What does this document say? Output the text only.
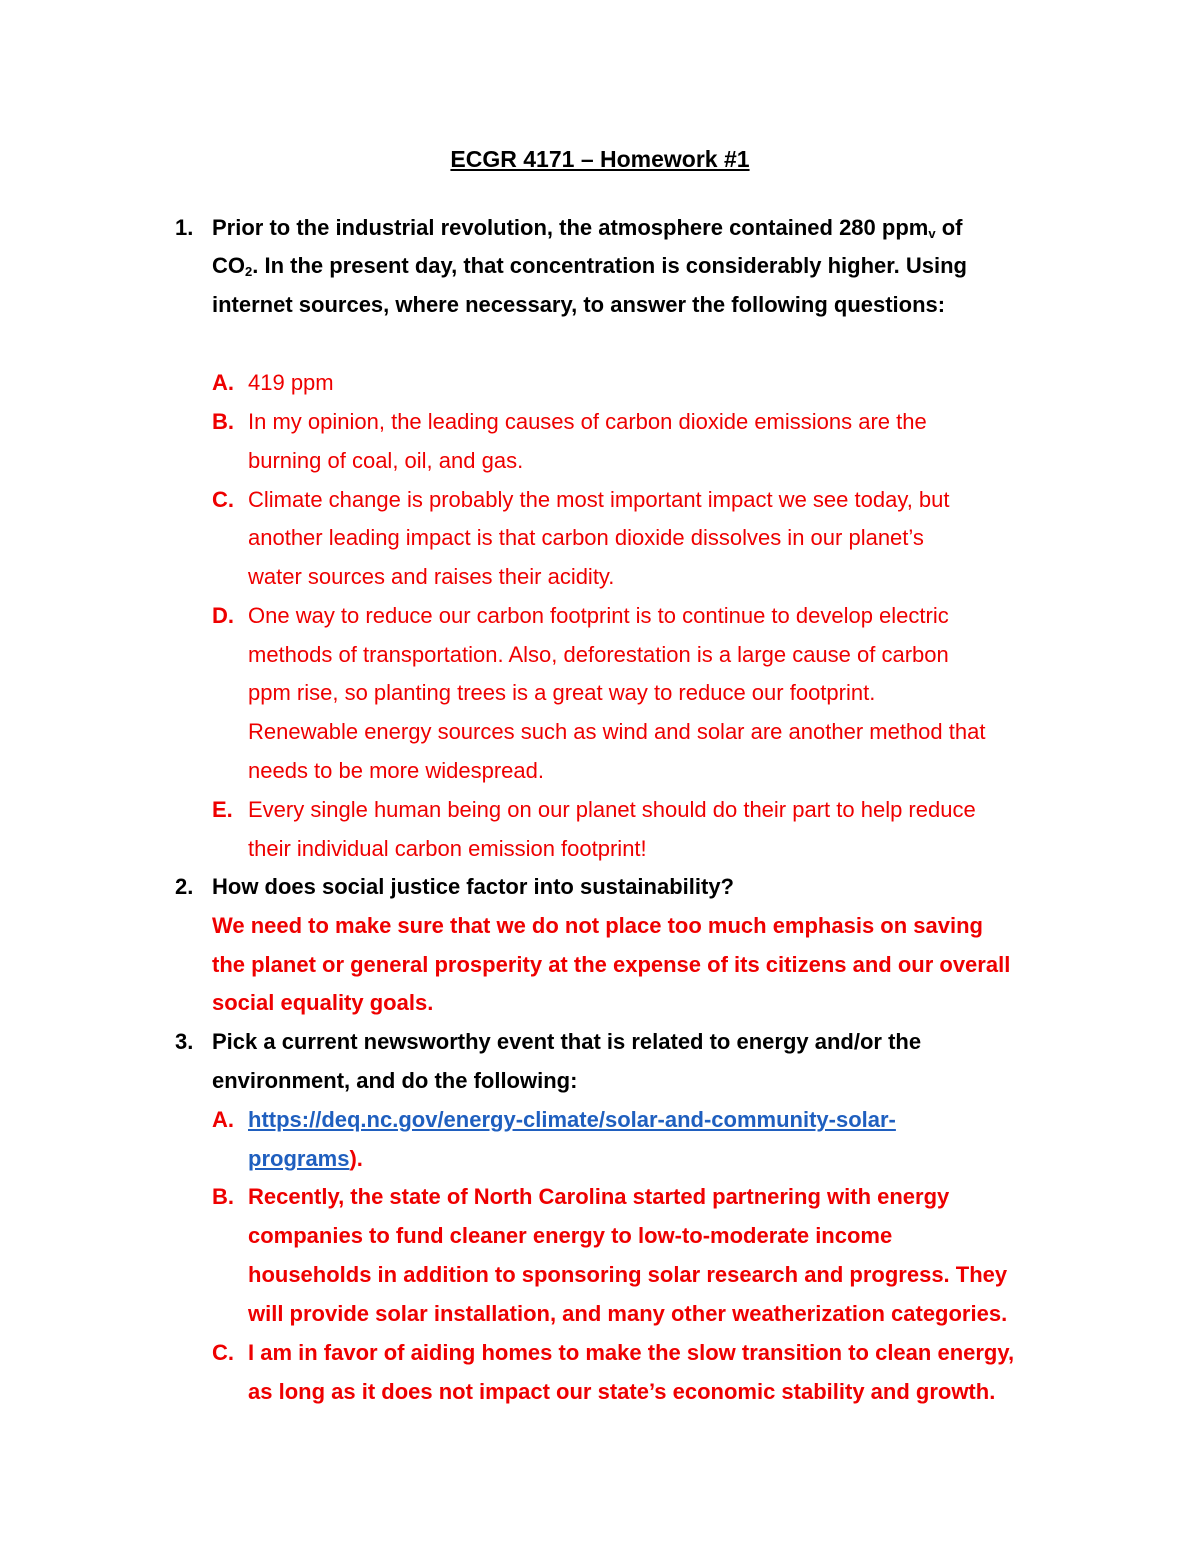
ECGR 4171 – Homework #1
1. Prior to the industrial revolution, the atmosphere contained 280 ppm$_v$ of
$CO_2$. In the present day, that concentration is considerably higher. Using
internet sources, where necessary, to answer the following questions:
A. 419 ppm
B. In my opinion, the leading causes of carbon dioxide emissions are the
burning of coal, oil, and gas.
C. Climate change is probably the most important impact we see today, but
another leading impact is that carbon dioxide dissolves in our planet’s
water sources and raises their acidity.
D. One way to reduce our carbon footprint is to continue to develop electric
methods of transportation. Also, deforestation is a large cause of carbon
ppm rise, so planting trees is a great way to reduce our footprint.
Renewable energy sources such as wind and solar are another method that
needs to be more widespread.
E. Every single human being on our planet should do their part to help reduce
their individual carbon emission footprint!
2. How does social justice factor into sustainability?
We need to make sure that we do not place too much emphasis on saving
the planet or general prosperity at the expense of its citizens and our overall
social equality goals.
3. Pick a current newsworthy event that is related to energy and/or the
environment, and do the following:
A. https://deq.nc.gov/energy-climate/solar-and-community-solar-
programs).
B. Recently, the state of North Carolina started partnering with energy
companies to fund cleaner energy to low-to-moderate income
households in addition to sponsoring solar research and progress. They
will provide solar installation, and many other weatherization categories.
C. I am in favor of aiding homes to make the slow transition to clean energy,
as long as it does not impact our state’s economic stability and growth.
